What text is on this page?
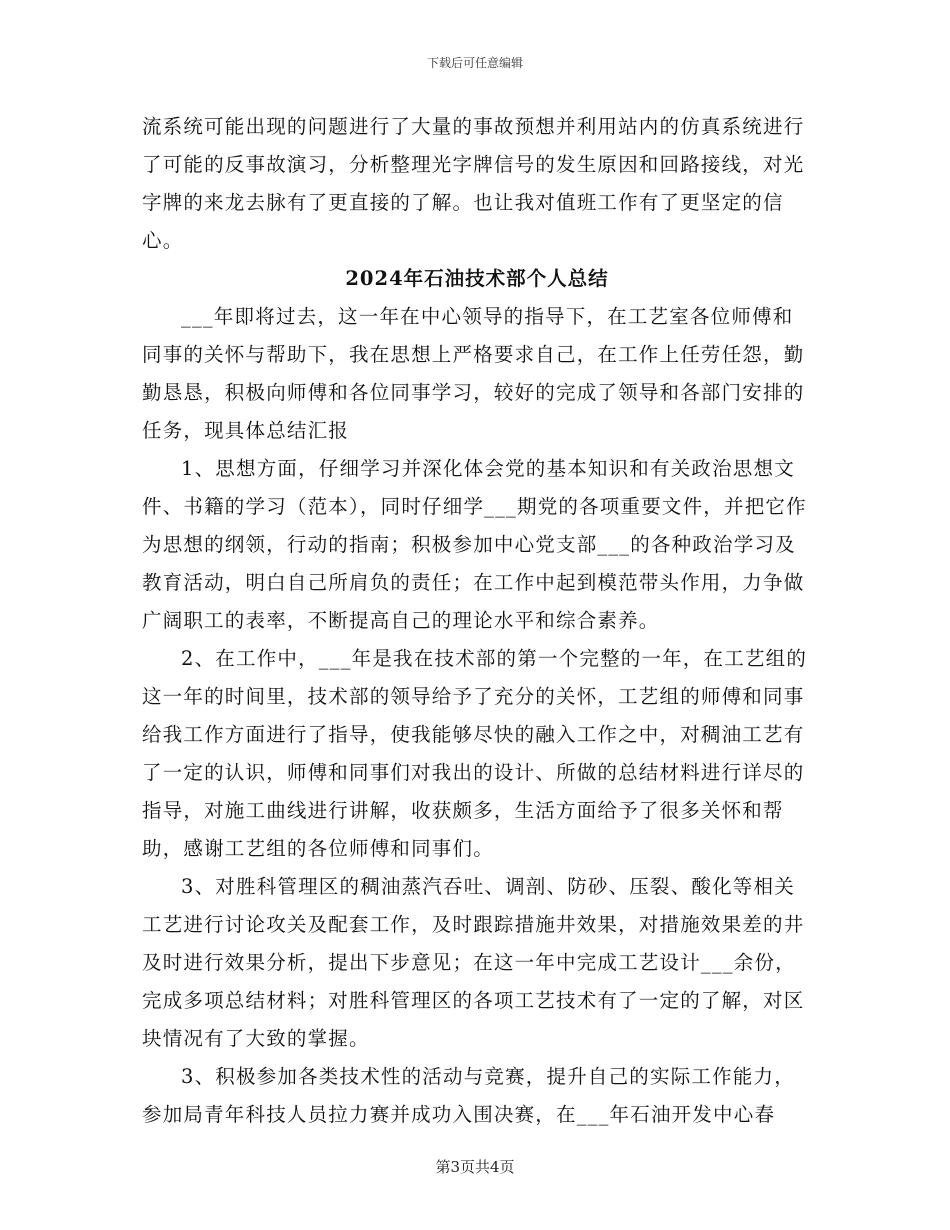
下载后可任意编辑

流系统可能出现的问题进行了大量的事故预想并利用站内的仿真系统进行了可能的反事故演习，分析整理光字牌信号的发生原因和回路接线，对光字牌的来龙去脉有了更直接的了解。也让我对值班工作有了更坚定的信心。

2024年石油技术部个人总结

___年即将过去，这一年在中心领导的指导下，在工艺室各位师傅和同事的关怀与帮助下，我在思想上严格要求自己，在工作上任劳任怨，勤勤恳恳，积极向师傅和各位同事学习，较好的完成了领导和各部门安排的任务，现具体总结汇报

1、思想方面，仔细学习并深化体会党的基本知识和有关政治思想文件、书籍的学习（范本），同时仔细学___期党的各项重要文件，并把它作为思想的纲领，行动的指南；积极参加中心党支部___的各种政治学习及教育活动，明白自己所肩负的责任；在工作中起到模范带头作用，力争做广阔职工的表率，不断提高自己的理论水平和综合素养。

2、在工作中，___年是我在技术部的第一个完整的一年，在工艺组的这一年的时间里，技术部的领导给予了充分的关怀，工艺组的师傅和同事给我工作方面进行了指导，使我能够尽快的融入工作之中，对稠油工艺有了一定的认识，师傅和同事们对我出的设计、所做的总结材料进行详尽的指导，对施工曲线进行讲解，收获颇多，生活方面给予了很多关怀和帮助，感谢工艺组的各位师傅和同事们。

3、对胜科管理区的稠油蒸汽吞吐、调剖、防砂、压裂、酸化等相关工艺进行讨论攻关及配套工作，及时跟踪措施井效果，对措施效果差的井及时进行效果分析，提出下步意见；在这一年中完成工艺设计___余份，完成多项总结材料；对胜科管理区的各项工艺技术有了一定的了解，对区块情况有了大致的掌握。

3、积极参加各类技术性的活动与竞赛，提升自己的实际工作能力，参加局青年科技人员拉力赛并成功入围决赛，在___年石油开发中心春

第3页共4页
